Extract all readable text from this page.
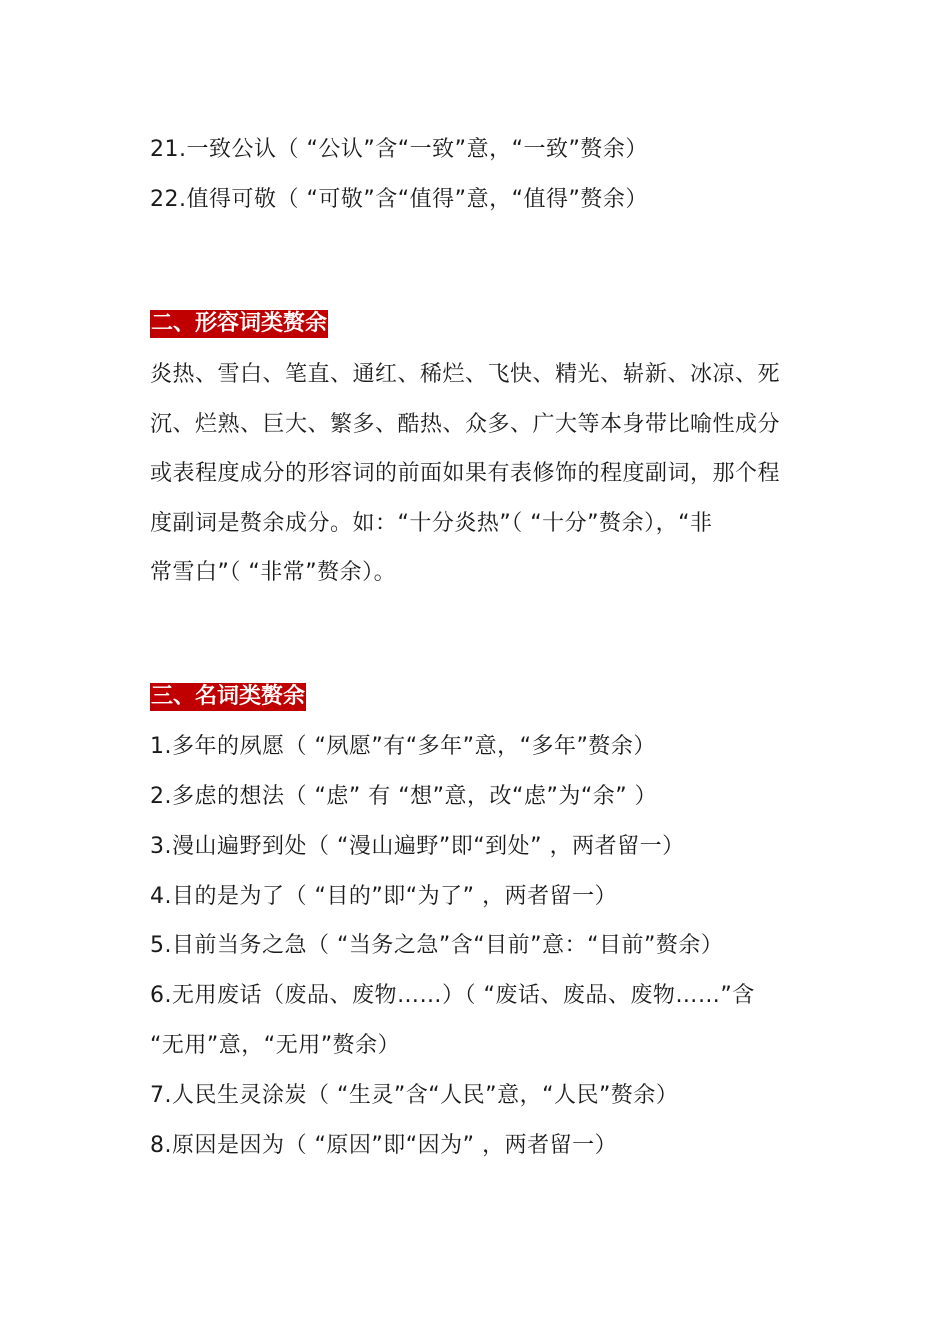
21.一致公认（ “公认”含“一致”意，“一致”赘余）
22.值得可敬（ “可敬”含“值得”意，“值得”赘余）
二、形容词类赘余
炎热、雪白、笔直、通红、稀烂、飞快、精光、崭新、冰凉、死
沉、烂熟、巨大、繁多、酷热、众多、广大等本身带比喻性成分
或表程度成分的形容词的前面如果有表修饰的程度副词，那个程
度副词是赘余成分。如：“十分炎热”（ “十分”赘余），“非
常雪白”（ “非常”赘余）。
三、名词类赘余
1.多年的夙愿（ “夙愿”有“多年”意，“多年”赘余）
2.多虑的想法（ “虑” 有 “想”意，改“虑”为“余” ）
3.漫山遍野到处（ “漫山遍野”即“到处” ，两者留一）
4.目的是为了（ “目的”即“为了” ，两者留一）
5.目前当务之急（ “当务之急”含“目前”意：“目前”赘余）
6.无用废话（废品、废物……）（ “废话、废品、废物……”含
“无用”意，“无用”赘余）
7.人民生灵涂炭（ “生灵”含“人民”意，“人民”赘余）
8.原因是因为（ “原因”即“因为” ，两者留一）
